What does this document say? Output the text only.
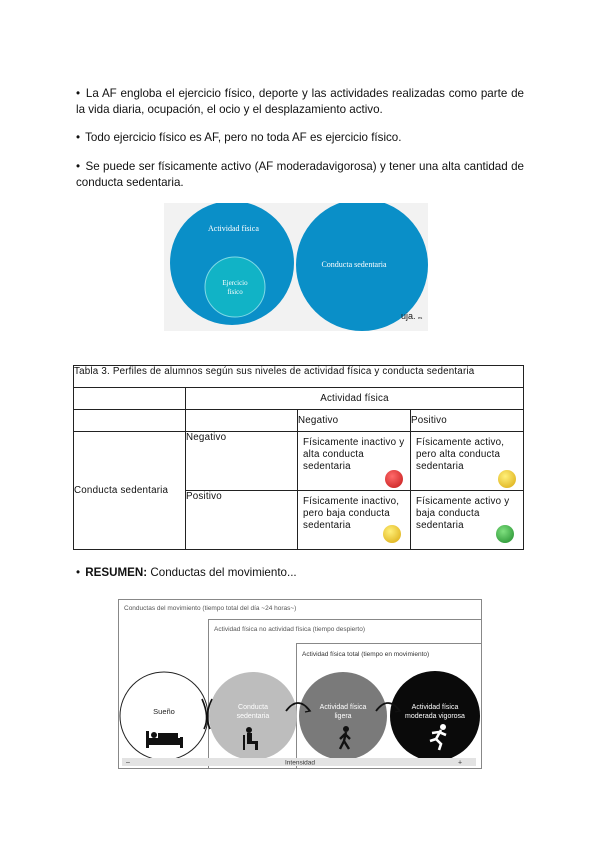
• La AF engloba el ejercicio físico, deporte y las actividades realizadas como parte de la vida diaria, ocupación, el ocio y el desplazamiento activo.
• Todo ejercicio físico es AF, pero no toda AF es ejercicio físico.
• Se puede ser físicamente activo (AF moderadavigorosa) y tener una alta cantidad de conducta sedentaria.
Actividad física
Ejercicio
físico
Conducta sedentaria
uja. es
Tabla 3. Perfiles de alumnos según sus niveles de actividad física y conducta sedentaria			
	Actividad física		
		Negativo	Positivo
Conducta sedentaria	Negativo	Físicamente inactivo y alta conducta sedentaria	Físicamente activo, pero alta conducta sedentaria

	Positivo	Físicamente inactivo, pero baja conducta sedentaria	Físicamente activo y baja conducta sedentaria
• RESUMEN: Conductas del movimiento...
Conductas del movimiento (tiempo total del día ~24 horas~)
Actividad física no actividad física (tiempo despierto)
Actividad física total (tiempo en movimiento)
Sueño	Conducta
sedentaria
Actividad física
ligera
Actividad física
moderada vigorosa
–	+
Intensidad
